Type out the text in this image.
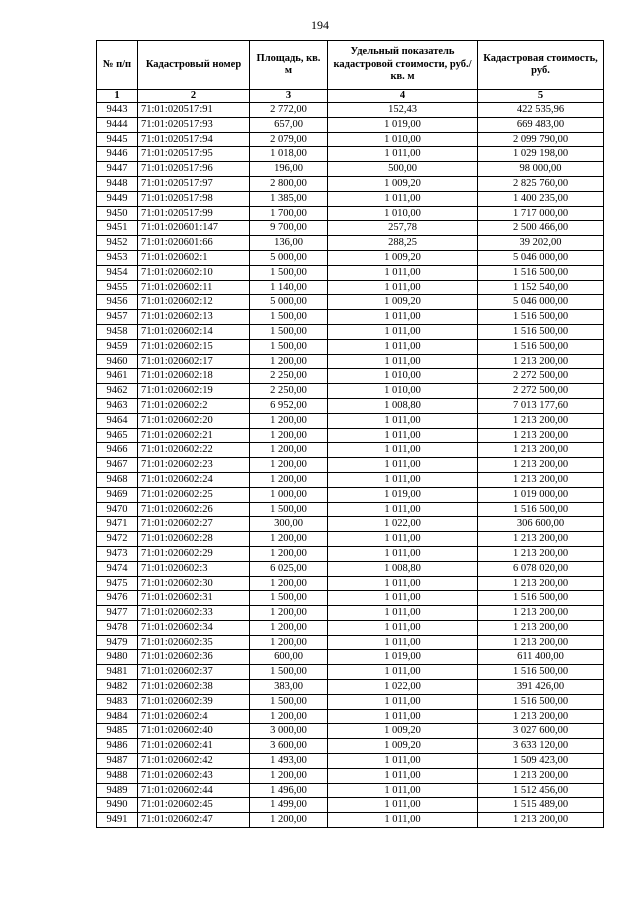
194
№ п/п	Кадастровый номер	Площадь, кв. м	Удельный показатель кадастровой стоимости, руб./кв. м	Кадастровая стоимость, руб.
1	2	3	4	5
9443	71:01:020517:91	2 772,00	152,43	422 535,96
9444	71:01:020517:93	657,00	1 019,00	669 483,00
9445	71:01:020517:94	2 079,00	1 010,00	2 099 790,00
9446	71:01:020517:95	1 018,00	1 011,00	1 029 198,00
9447	71:01:020517:96	196,00	500,00	98 000,00
9448	71:01:020517:97	2 800,00	1 009,20	2 825 760,00
9449	71:01:020517:98	1 385,00	1 011,00	1 400 235,00
9450	71:01:020517:99	1 700,00	1 010,00	1 717 000,00
9451	71:01:020601:147	9 700,00	257,78	2 500 466,00
9452	71:01:020601:66	136,00	288,25	39 202,00
9453	71:01:020602:1	5 000,00	1 009,20	5 046 000,00
9454	71:01:020602:10	1 500,00	1 011,00	1 516 500,00
9455	71:01:020602:11	1 140,00	1 011,00	1 152 540,00
9456	71:01:020602:12	5 000,00	1 009,20	5 046 000,00
9457	71:01:020602:13	1 500,00	1 011,00	1 516 500,00
9458	71:01:020602:14	1 500,00	1 011,00	1 516 500,00
9459	71:01:020602:15	1 500,00	1 011,00	1 516 500,00
9460	71:01:020602:17	1 200,00	1 011,00	1 213 200,00
9461	71:01:020602:18	2 250,00	1 010,00	2 272 500,00
9462	71:01:020602:19	2 250,00	1 010,00	2 272 500,00
9463	71:01:020602:2	6 952,00	1 008,80	7 013 177,60
9464	71:01:020602:20	1 200,00	1 011,00	1 213 200,00
9465	71:01:020602:21	1 200,00	1 011,00	1 213 200,00
9466	71:01:020602:22	1 200,00	1 011,00	1 213 200,00
9467	71:01:020602:23	1 200,00	1 011,00	1 213 200,00
9468	71:01:020602:24	1 200,00	1 011,00	1 213 200,00
9469	71:01:020602:25	1 000,00	1 019,00	1 019 000,00
9470	71:01:020602:26	1 500,00	1 011,00	1 516 500,00
9471	71:01:020602:27	300,00	1 022,00	306 600,00
9472	71:01:020602:28	1 200,00	1 011,00	1 213 200,00
9473	71:01:020602:29	1 200,00	1 011,00	1 213 200,00
9474	71:01:020602:3	6 025,00	1 008,80	6 078 020,00
9475	71:01:020602:30	1 200,00	1 011,00	1 213 200,00
9476	71:01:020602:31	1 500,00	1 011,00	1 516 500,00
9477	71:01:020602:33	1 200,00	1 011,00	1 213 200,00
9478	71:01:020602:34	1 200,00	1 011,00	1 213 200,00
9479	71:01:020602:35	1 200,00	1 011,00	1 213 200,00
9480	71:01:020602:36	600,00	1 019,00	611 400,00
9481	71:01:020602:37	1 500,00	1 011,00	1 516 500,00
9482	71:01:020602:38	383,00	1 022,00	391 426,00
9483	71:01:020602:39	1 500,00	1 011,00	1 516 500,00
9484	71:01:020602:4	1 200,00	1 011,00	1 213 200,00
9485	71:01:020602:40	3 000,00	1 009,20	3 027 600,00
9486	71:01:020602:41	3 600,00	1 009,20	3 633 120,00
9487	71:01:020602:42	1 493,00	1 011,00	1 509 423,00
9488	71:01:020602:43	1 200,00	1 011,00	1 213 200,00
9489	71:01:020602:44	1 496,00	1 011,00	1 512 456,00
9490	71:01:020602:45	1 499,00	1 011,00	1 515 489,00
9491	71:01:020602:47	1 200,00	1 011,00	1 213 200,00
